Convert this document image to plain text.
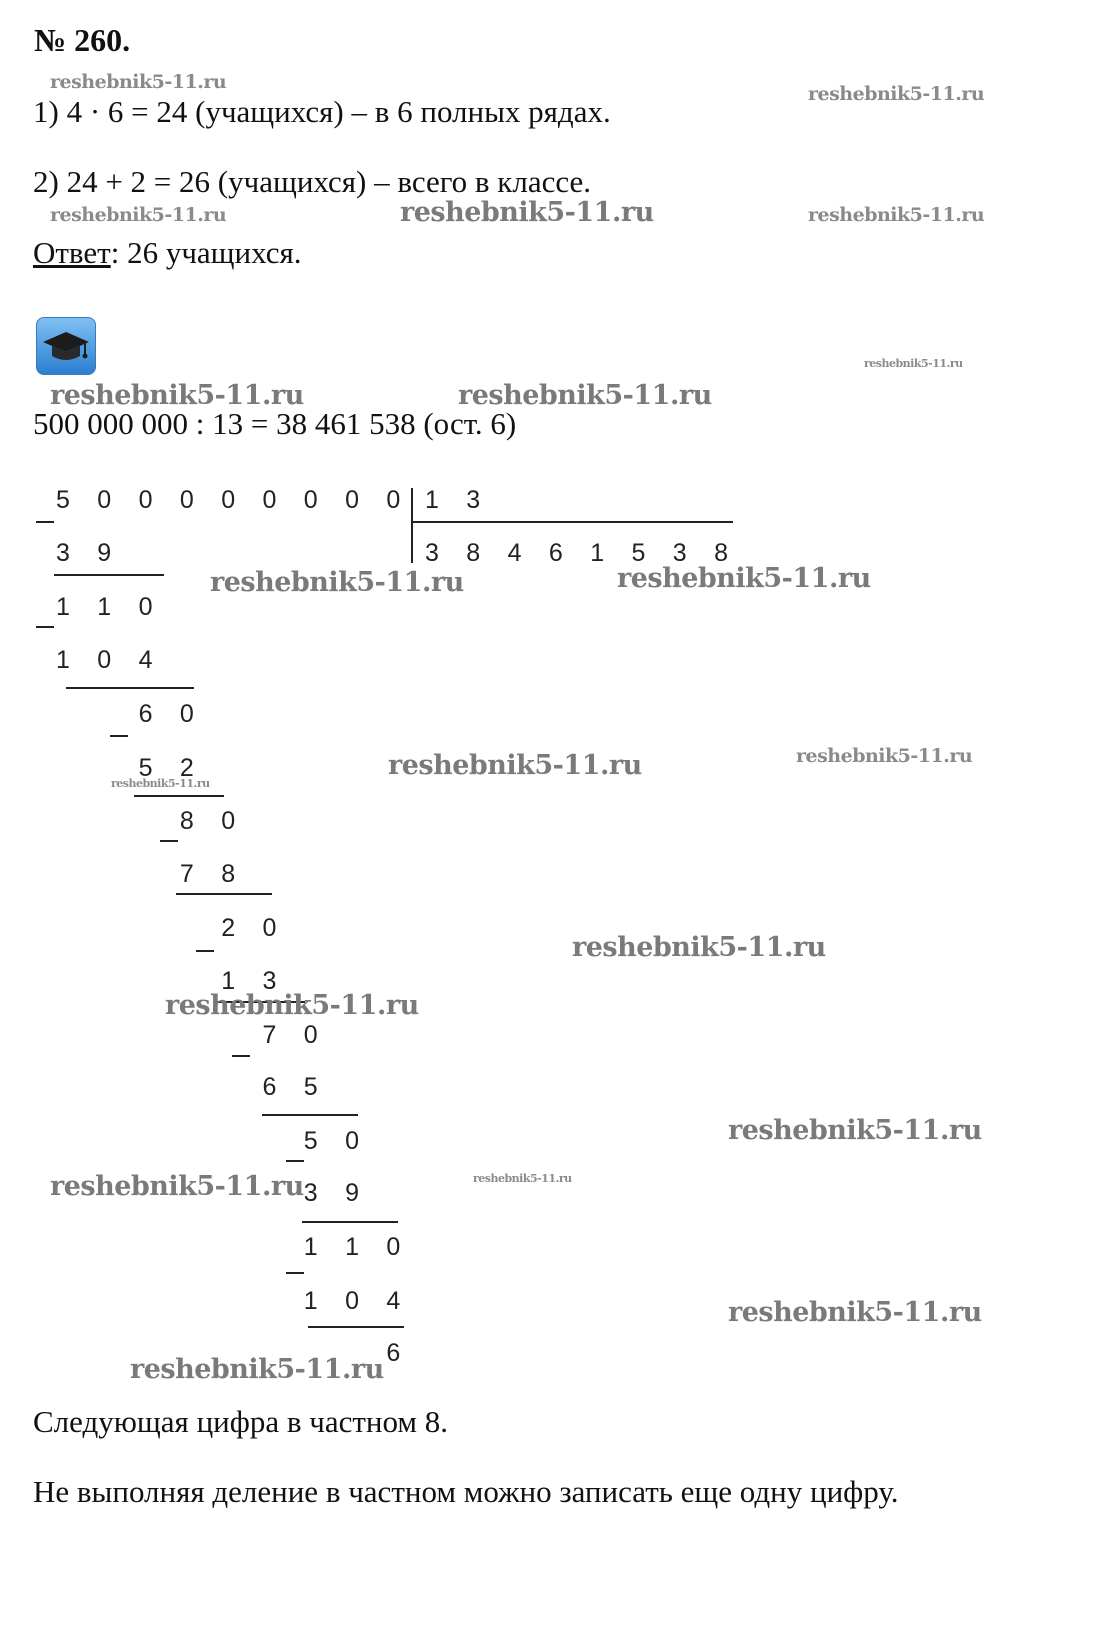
№ 260.
1) 4 · 6 = 24 (учащихся) – в 6 полных рядах.
2) 24 + 2 = 26 (учащихся) – всего в классе.
Ответ: 26 учащихся.
500 000 000 : 13 = 38 461 538 (ост. 6)
5 0 0 0 0 0 0 0 0 1 3
3 8 4 6 1 5 3 8
3 9
1 1 0
1 0 4
6 0
5 2
8 0
7 8
2 0
1 3
7 0
6 5
5 0
3 9
1 1 0
1 0 4
6
reshebnik5-11.ru
reshebnik5-11.ru
reshebnik5-11.ru	reshebnik5-11.ru	reshebnik5-11.ru
reshebnik5-11.ru
reshebnik5-11.ru	reshebnik5-11.ru
reshebnik5-11.ru	reshebnik5-11.ru
reshebnik5-11.ru
reshebnik5-11.ru
reshebnik5-11.ru
reshebnik5-11.ru
reshebnik5-11.ru
reshebnik5-11.ru
reshebnik5-11.ru	reshebnik5-11.ru
reshebnik5-11.ru
reshebnik5-11.ru
Следующая цифра в частном 8.
Не выполняя деление в частном можно записать еще одну цифру.
